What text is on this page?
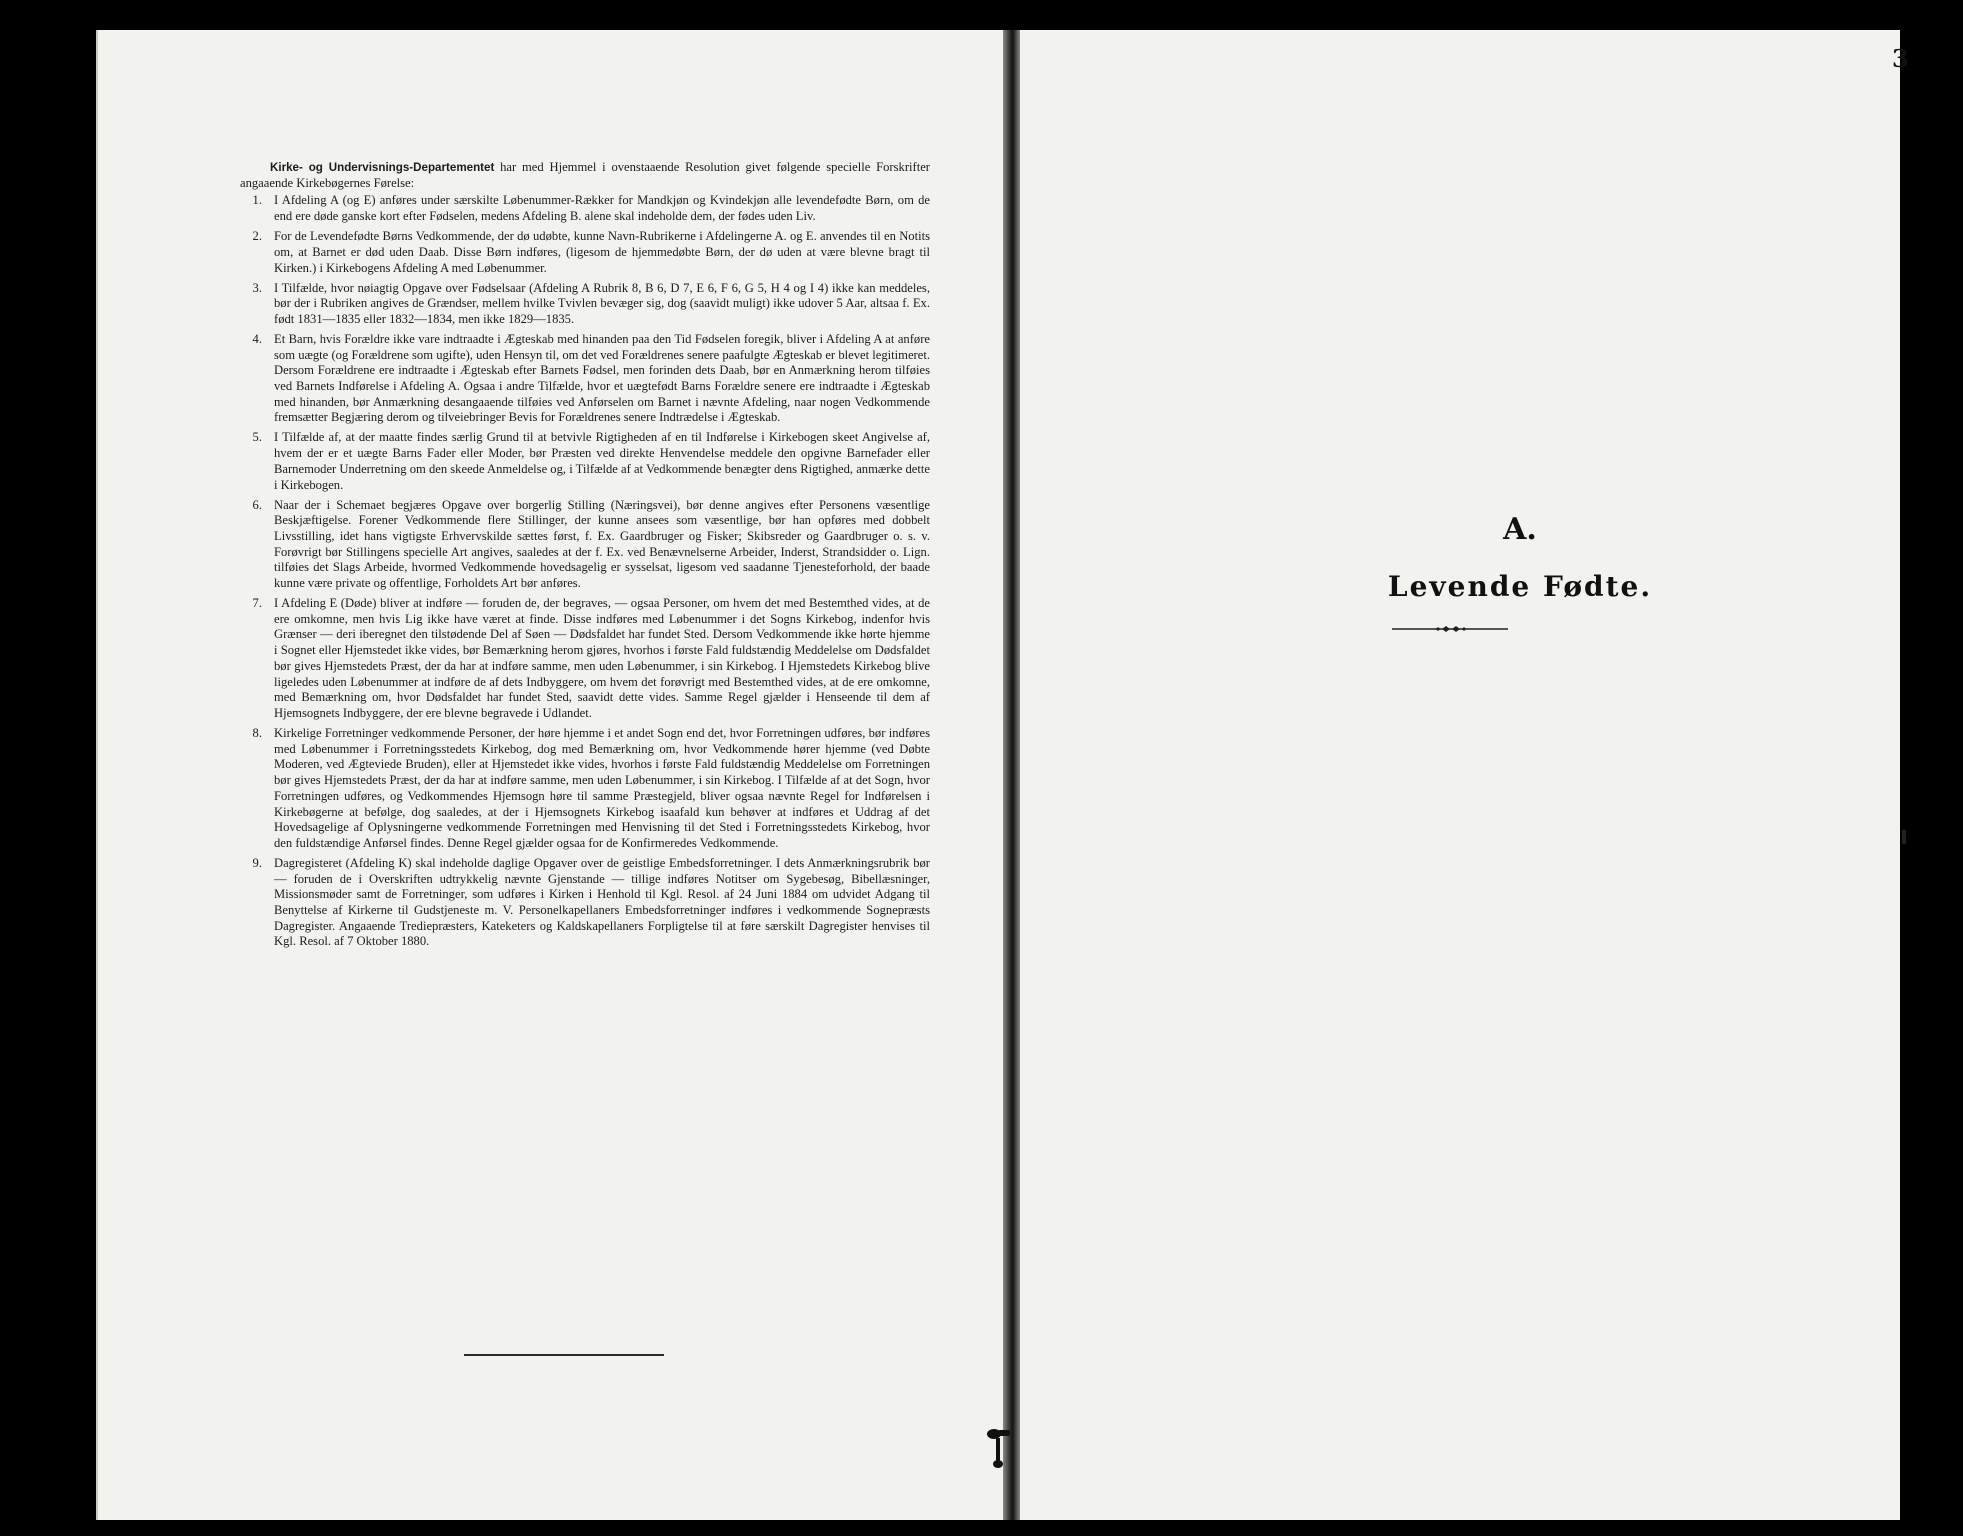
Kirke- og Undervisnings-Departementet har med Hjemmel i ovenstaaende Resolution givet følgende specielle Forskrifter angaaende Kirkebøgernes Førelse:

1. I Afdeling A (og E) anføres under særskilte Løbenummer-Rækker for Mandkjøn og Kvindekjøn alle levendefødte Børn, om de end ere døde ganske kort efter Fødselen, medens Afdeling B. alene skal indeholde dem, der fødes uden Liv.
2. For de Levendefødte Børns Vedkommende, der dø udøbte, kunne Navn-Rubrikerne i Afdelingerne A. og E. anvendes til en Notits om, at Barnet er død uden Daab. Disse Børn indføres, (ligesom de hjemmedøbte Børn, der dø uden at være blevne bragt til Kirken.) i Kirkebogens Afdeling A med Løbenummer.
3. I Tilfælde, hvor nøiagtig Opgave over Fødselsaar (Afdeling A Rubrik 8, B 6, D 7, E 6, F 6, G 5, H 4 og I 4) ikke kan meddeles, bør der i Rubriken angives de Grændser, mellem hvilke Tvivlen bevæger sig, dog (saavidt muligt) ikke udover 5 Aar, altsaa f. Ex. født 1831—1835 eller 1832—1834, men ikke 1829—1835.
4. Et Barn, hvis Forældre ikke vare indtraadte i Ægteskab med hinanden paa den Tid Fødselen foregik, bliver i Afdeling A at anføre som uægte (og Forældrene som ugifte), uden Hensyn til, om det ved Forældrenes senere paafulgte Ægteskab er blevet legitimeret. Dersom Forældrene ere indtraadte i Ægteskab efter Barnets Fødsel, men forinden dets Daab, bør en Anmærkning herom tilføies ved Barnets Indførelse i Afdeling A. Ogsaa i andre Tilfælde, hvor et uægtefødt Barns Forældre senere ere indtraadte i Ægteskab med hinanden, bør Anmærkning desangaaende tilføies ved Anførselen om Barnet i nævnte Afdeling, naar nogen Vedkommende fremsætter Begjæring derom og tilveiebringer Bevis for Forældrenes senere Indtrædelse i Ægteskab.
5. I Tilfælde af, at der maatte findes særlig Grund til at betvivle Rigtigheden af en til Indførelse i Kirkebogen skeet Angivelse af, hvem der er et uægte Barns Fader eller Moder, bør Præsten ved direkte Henvendelse meddele den opgivne Barnefader eller Barnemoder Underretning om den skeede Anmeldelse og, i Tilfælde af at Vedkommende benægter dens Rigtighed, anmærke dette i Kirkebogen.
6. Naar der i Schemaet begjæres Opgave over borgerlig Stilling (Næringsvei), bør denne angives efter Personens væsentlige Beskjæftigelse. Forener Vedkommende flere Stillinger, der kunne ansees som væsentlige, bør han opføres med dobbelt Livsstilling, idet hans vigtigste Erhvervskilde sættes først, f. Ex. Gaardbruger og Fisker; Skibsreder og Gaardbruger o. s. v. Forøvrigt bør Stillingens specielle Art angives, saaledes at der f. Ex. ved Benævnelserne Arbeider, Inderst, Strandsidder o. Lign. tilføies det Slags Arbeide, hvormed Vedkommende hovedsagelig er sysselsat, ligesom ved saadanne Tjenesteforhold, der baade kunne være private og offentlige, Forholdets Art bør anføres.
7. I Afdeling E (Døde) bliver at indføre — foruden de, der begraves, — ogsaa Personer, om hvem det med Bestemthed vides, at de ere omkomne, men hvis Lig ikke have været at finde. Disse indføres med Løbenummer i det Sogns Kirkebog, indenfor hvis Grænser — deri iberegnet den tilstødende Del af Søen — Dødsfaldet har fundet Sted. Dersom Vedkommende ikke hørte hjemme i Sognet eller Hjemstedet ikke vides, bør Bemærkning herom gjøres, hvorhos i første Fald fuldstændig Meddelelse om Dødsfaldet bør gives Hjemstedets Præst, der da har at indføre samme, men uden Løbenummer, i sin Kirkebog. I Hjemstedets Kirkebog blive ligeledes uden Løbenummer at indføre de af dets Indbyggere, om hvem det forøvrigt med Bestemthed vides, at de ere omkomne, med Bemærkning om, hvor Dødsfaldet har fundet Sted, saavidt dette vides. Samme Regel gjælder i Henseende til dem af Hjemsognets Indbyggere, der ere blevne begravede i Udlandet.
8. Kirkelige Forretninger vedkommende Personer, der høre hjemme i et andet Sogn end det, hvor Forretningen udføres, bør indføres med Løbenummer i Forretningsstedets Kirkebog, dog med Bemærkning om, hvor Vedkommende hører hjemme (ved Døbte Moderen, ved Ægteviede Bruden), eller at Hjemstedet ikke vides, hvorhos i første Fald fuldstændig Meddelelse om Forretningen bør gives Hjemstedets Præst, der da har at indføre samme, men uden Løbenummer, i sin Kirkebog. I Tilfælde af at det Sogn, hvor Forretningen udføres, og Vedkommendes Hjemsogn høre til samme Præstegjeld, bliver ogsaa nævnte Regel for Indførelsen i Kirkebøgerne at befølge, dog saaledes, at der i Hjemsognets Kirkebog isaafald kun behøver at indføres et Uddrag af det Hovedsagelige af Oplysningerne vedkommende Forretningen med Henvisning til det Sted i Forretningsstedets Kirkebog, hvor den fuldstændige Anførsel findes. Denne Regel gjælder ogsaa for de Konfirmeredes Vedkommende.
9. Dagregisteret (Afdeling K) skal indeholde daglige Opgaver over de geistlige Embedsforretninger. I dets Anmærkningsrubrik bør — foruden de i Overskriften udtrykkelig nævnte Gjenstande — tillige indføres Notitser om Sygebesøg, Bibellæsninger, Missionsmøder samt de Forretninger, som udføres i Kirken i Henhold til Kgl. Resol. af 24 Juni 1884 om udvidet Adgang til Benyttelse af Kirkerne til Gudstjeneste m. V. Personelkapellaners Embedsforretninger indføres i vedkommende Sognepræsts Dagregister. Angaaende Trediepræsters, Kateketers og Kaldskapellaners Forpligtelse til at føre særskilt Dagregister henvises til Kgl. Resol. af 7 Oktober 1880.
3
A.
Levende Fødte.
